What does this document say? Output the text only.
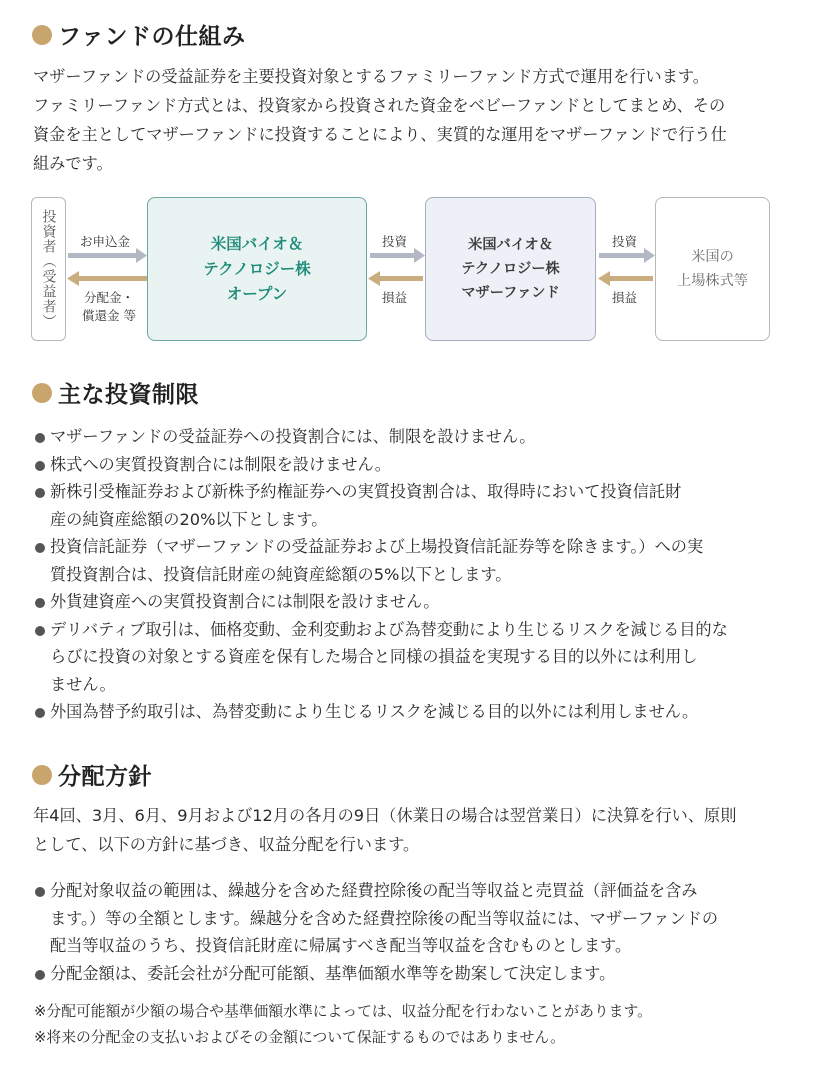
ファンドの仕組み

マザーファンドの受益証券を主要投資対象とするファミリーファンド方式で運用を行います。
ファミリーファンド方式とは、投資家から投資された資金をベビーファンドとしてまとめ、その
資金を主としてマザーファンドに投資することにより、実質的な運用をマザーファンドで行う仕
組みです。

投資者（受益者）	米国バイオ＆
テクノロジー株
オープン
米国バイオ＆
テクノロジー株
マザーファンド
米国の
上場株式等
お申込金
分配金・
償還金 等
投資
損益
投資
損益
主な投資制限
マザーファンドの受益証券への投資割合には、制限を設けません。
株式への実質投資割合には制限を設けません。
新株引受権証券および新株予約権証券への実質投資割合は、取得時において投資信託財
産の純資産総額の20%以下とします。
投資信託証券（マザーファンドの受益証券および上場投資信託証券等を除きます。）への実
質投資割合は、投資信託財産の純資産総額の5%以下とします。
外貨建資産への実質投資割合には制限を設けません。
デリバティブ取引は、価格変動、金利変動および為替変動により生じるリスクを減じる目的な
らびに投資の対象とする資産を保有した場合と同様の損益を実現する目的以外には利用し
ません。
外国為替予約取引は、為替変動により生じるリスクを減じる目的以外には利用しません。
分配方針

年4回、3月、6月、9月および12月の各月の9日（休業日の場合は翌営業日）に決算を行い、原則
として、以下の方針に基づき、収益分配を行います。

分配対象収益の範囲は、繰越分を含めた経費控除後の配当等収益と売買益（評価益を含み
ます。）等の全額とします。繰越分を含めた経費控除後の配当等収益には、マザーファンドの
配当等収益のうち、投資信託財産に帰属すべき配当等収益を含むものとします。
分配金額は、委託会社が分配可能額、基準価額水準等を勘案して決定します。
※分配可能額が少額の場合や基準価額水準によっては、収益分配を行わないことがあります。
※将来の分配金の支払いおよびその金額について保証するものではありません。
